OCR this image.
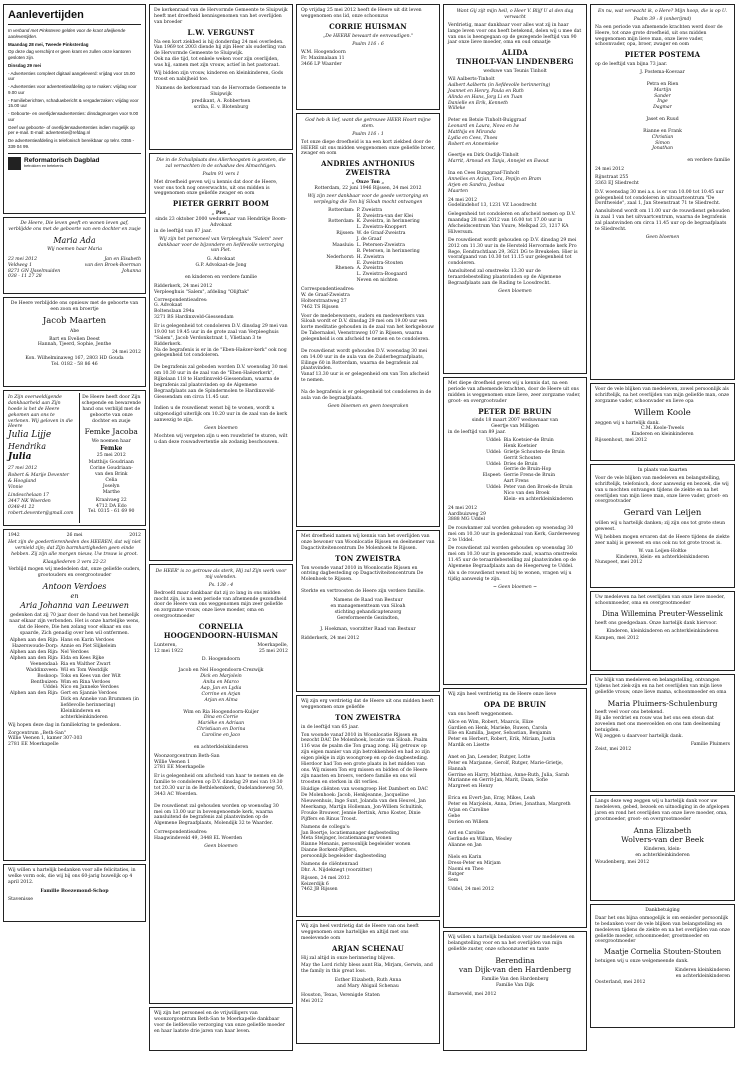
Aanlevertijden

In verband met Pinksteren gelden voor de krant afwijkende aanlevertijden.

Maandag 28 mei, Tweede Pinksterdag

Op deze dag verschijnt er geen krant en zullen onze kantoren gesloten zijn.

Dinsdag 29 mei

- Advertenties compleet digitaal aangeleverd: vrijdag voor 15.00 uur

- Advertenties voor advertentieafdeling op te maken: vrijdag voor 9.00 uur

- Familieberichten, schaduwbericht & vergaderzaken: vrijdag voor 15.00 uur

- Geboorte- en overlijdensadvertenties: dinsdagmorgen voor 9.00 uur

Geef uw geboorte- of overlijdensadvertenties indien mogelijk op per e-mail. E-mail: advertentie@refdag.nl

De advertentieafdeling is telefonisch bereikbaar op telnr. 0355 - 339 04 99.

Reformatorisch Dagblad
betrokken en betekenis
De Heere, Die leven geeft en wonen leven gaf, verblijdde ons met de geboorte van een dochter en zusje
Maria Ada
Wij noemen haar Maria
23 mei 2012
Veldweg 1
8271 GN IJsselmuiden
038 - 11 27 28
Jan en Elsabeth
van den Broek-Boerman
Johanna
De Heere verblijdde ons opnieuw met de geboorte van een zoon en broertje
Jacob Maarten
Abe
Bart en Evelien Deest
Hannah, Tjeerd, Sophie, Jenthe
24 mei 2012
Kon. Wilhelminaweg 167, 2803 HD Gouda
Tel. 0182 - 58 86 46
In Zijn overweldigende dankbaarheid aan Zijn hoede is het de Heere gekomen aan ons te verlenen. Wij geloven in die Heere
Julia Lijje
Hendrika
Julia
27 mei 2012
Robert & Marije Deventer & Hoogland
Vinnie
Lindeschelaan 17
3447 NK Woerden
0348-41 22
robert.deventer@gmail.com
De Heere heeft door Zijn schepende en bewarende hand ons verblijd met de geboorte van onze dochter en zusje
Femke Jacoba
We noemen haar
Femke
25 mei 2012
Matthijs Goudriaan
Corine Goudriaan-
van den Brink
Celia
Joselyn
Marthe
Kraaivaeg 22
4712 DA Edo
Tel. 0315 - 61 69 90
1942	26 mei	2012
Het zijn de goedertierenheden des HEEREN, dat wij niet vernield zijn; dat Zijn barmhartigheden geen einde hebben. Zij zijn alle morgen nieuw, Uw trouw is groot.
Klaagliederen 3 vers 22-23
Verblijd mogen wij mededelen dat, onze geliefde ouders, grootouders en overgrootouder
Antoon Verdoes
en
Aria Johanna van Leeuwen
gedenken dat zij 70 jaar door de hand van het hemelijk naar elkaar zijn verbonden. Het is onze hartelijke wens, dat de Heere, Die hen zolang voor elkaar en ons spaarde, Zich genadig over hen wil ontfermen.
Alphen aan den Rijn: Hans en Karin Verdoes
Hazerswoude-Dorp: Annie en Piet Slijkeleim
Alphen aan den Rijn: Nel Verdoes
Alphen aan den Rijn: Elda en Kees Rijke
Veenendaal: Ria en Walther Zwart
Waddinxveen: Wil en Tom Westdijk
Boskoop: Toks en Kees van der Wilt
Bentbuizen: Wim en Rina Verdoes
Uddel: Nico en Janneke Verdoes
Alphen aan den Rijn: Gert en Sjannie Verdoes

Dick en Anneke van Brummen (in liefdevolle herinnering)

Kleinkinderen en achterkleinkinderen
Wij hopen deze dag in familiekring te gedenken.
Zorgcentrum „Beth-San"
Willie Veenen 1, kamer 307-303
2781 EE Moerkapelle
Wij willen u hartelijk bedanken voor alle felicitaties, in welke vorm ook, die wij bij ons 60-jarig huwelijk op 4 april 2012.
Familie Boezemond-Schop
Stavenisse
De kerkenraad van de Hervormde Gemeente te Sluipwijk heeft met droefheid kennisgenomen van het overlijden van broeder
L.W. VERGUNST
Na een kort ziekbed is hij donderdag 24 mei overleden.
Van 1969 tot 2003 diende hij zijn Heer als ouderling van de Hervormde Gemeente te Sluipwijk.
Ook na die tijd, tot enkele weken voor zijn overlijden, was hij, samen met zijn vrouw, actief in het pastoraat.
Wij bidden zijn vrouw, kinderen en kleinkinderen, Gods troost en nabijheid toe.
Namens de kerkenraad van de Hervormde Gemeente te Sluipwijk
predikant, A. Robbertsen
scriba, E. v. Blotenburg
Die in de Schuilplaats des Allerhoogsten is gezeten, die zal vernachten in de schaduw des Almachtigen.
Psalm 91 vers 1
Met droefheid geven wij u kennis dat door de Heere, voor ons toch nog onverwachts, uit ons midden is weggenomen onze geliefde zwager en oom
PIETER GERRIT BOOM
„ Piet „
sinds 23 oktober 2000 weduwnaar van Hendrikje Boom-Advokaat
in de leeftijd van 87 jaar.
Wij zijn het personeel van Verpleeghuis "Salem" zeer dankbaar voor de bijzondere en liefdevolle verzorging van Piet.
G. Advokaat
G.P. Advokaat-de Jong

en kinderen en verdere familie
Ridderkerk, 24 mei 2012
Verpleeghuis "Salem", afdeling "Olijftak"
Correspondentieadres:
G. Advokaat
Boltenslaan 294a
3271 BS Hardinxveld-Giessendam
Er is gelegenheid tot condoleren D.V. dinsdag 29 mei van 19.00 tot 19.45 uur in de grote zaal van Verpleeghuis "Salem", Jacob Verdonkstraat 1, Vlietlaan 3 te Ridderkerk.
Na de begrafenis is er in de "Eben-Haëzer-kerk" ook nog gelegenheid tot condoleren.

De begrafenis zal geboden worden D.V. woensdag 30 mei om 10.30 uur in de zaal van de "Eben-Haëzerkerk", Rijkelaan 118 te Hardinxveld-Giessendam, waarna de begrafenis zal plaatsvinden op de Algemene Begraafplaats aan de Spindermolen te Hardinxveld-Giessendam om circa 11.45 uur.

Indien u de rouwdienst wenst bij te wonen, wordt u uitgenodigd uiterlijk om 10.20 uur in de zaal van de kerk aanwezig te zijn.
Geen bloemen
Mochten wij vergeten zijn u een rouwbrief te sturen, wilt u dan deze rouwadvertentie als zodanig beschouwen.
De HEER' is zo getrouw als sterk, Hij zal Zijn werk voor mij volenden.
Ps. 138 : 4
Bedroefd maar dankbaar dat zij zo lang in ons midden mocht zijn, is na een periode van afnemende gezondheid door de Heere van ons weggenomen mijn zeer geliefde en zorgzame vrouw, onze lieve moeder, oma en overgrootmoeder
CORNELIA
HOOGENDOORN-HUISMAN
Lunteren,
12 mei 1922
Moerkapelle,
25 mei 2012
D. Hoogendoorn

Jacob en Nel Hoogendoorn-Crezwijk
Dick en Marjolein
Anita en Marco
Aap, Jan en Lydia
Corrine en Arjan
Arjan en Alma

Wim en Ria Hoogendoorn-Kuijer
Dina en Corrie
Mariëke en Adriaan
Christiaan en Dorina
Caroline en Jaco

en achterkleinkinderen
Woonzorgcentrum Beth-San
Willie Veenen 1
2781 EE Moerkapelle
Er is gelegenheid om afscheid van haar te nemen en de familie te condoleren op D.V. dinsdag 29 mei van 19.30 tot 20.30 uur in de Bethlehemkerk, Oudelandseweg 50, 3443 AC Woerden.

De rouwdienst zal gehouden worden op woensdag 30 mei om 13.00 uur in bovengenoemde kerk, waarna aansluitend de begrafenis zal plaatsvinden op de Algemene Begraafplaats, Molendijk 32 te Waarder.
Correspondentieadres:
Haagwindeveld 49, 3448 EL Woerden
Geen bloemen
Wij zijn het personeel en de vrijwilligers van woonzorgcentrum Beth-San te Moerkapelle dankbaar voor de liefdevolle verzorging van onze geliefde moeder en haar laatste drie jaren van haar leven.
Op vrijdag 25 mei 2012 heeft de Heere uit dit leven weggenomen ons lid, onze schoonzus
CORRIE HUISMAN
„De HEERE bewaart de eenvoudigen."
Psalm 116 : 6
W.M. Hoogendoorn
Fr. Maximalaan 11
3466 LP Waarder
God heb ik lief, want die getrouwe HEER Hoort mijne stem.
Psalm 116 : 1
Tot onze diepe droefheid is na een kort ziekbed door de HEERE uit ons midden weggenomen onze geliefde broer, zwager en oom
ANDRIES ANTHONIUS ZWEISTRA
„ Onze Ton „
Rotterdam, 22 juni 1946 Rijssen, 24 mei 2012
Wij zijn zeer dankbaar voor de goede verzorging en verpleging die Ton bij Siloah mocht ontvangen
Rotterdam: P. Zweistra

B. Zweistra-van der Klei
Rotterdam: K. Zweistra, in herinnering

L. Zweistra-Knoppert
Rijssen: W. de Graaf-Zweistra

J. de Graaf
Maasluis: L. Petersen-Zweistra

B. Petersen, in herinnering
Nederhorst: H. Zweistra

E. Zweistra-Stouten
Rhenen: A. Zweistra

L. Zweistra-Boogaard

Neven en nichten
Correspondentieadres:
W. de Graaf-Zweistra
Holterstraatweg 27
7462 TS Rijssen
Voor de medebewoners, ouders en medewerkers van Siloah wordt er D.V. dinsdag 29 mei om 19.00 uur een korte meditatie gehouden in de zaal van het kerkgebouw De Tabernakel, Veenstraweg 107 in Rijssen, waarna gelegenheid is om afscheid te nemen en te condoleren.

De rouwdienst wordt gehouden D.V. woensdag 30 mei om 14.00 uur in de aula van de Zuiderbegraafplaats, Eilinge 60 in Rotterdam, waarna de begrafenis zal plaatsvinden.
Vanaf 13.30 uur is er gelegenheid om van Ton afscheid te nemen.

Na de begrafenis is er gelegenheid tot condoleren in de aula van de begraafplaats.
Geen bloemen en geen toespraken
Met droefheid namen wij kennis van het overlijden van onze bewoner van Woonlocatie Rijssen en deelnemer van Dagactiviteitencentrum De Molenhoek te Rijssen.
TON ZWEISTRA
Ton woonde vanaf 2010 in Woonlocatie Rijssen en ontving dagbesteding op Dagactiviteitencentrum De Molenhoek te Rijssen.

Sterkte en vertroosten de Heere zijn verdere familie.
Namens de Raad van Bestuur
en managementteam van Siloah
stichting gehandicaptenzorg
Gereformeerde Gezindten,

J. Hoekman, voorzitter Raad van Bestuur
Ridderkerk, 24 mei 2012
Wij zijn erg verdrietig dat de Heere uit ons midden heeft weggenomen onze geliefde
TON ZWEISTRA
in de leeftijd van 65 jaar.
Ton woonde vanaf 2010 in Woonlocatie Rijssen en bezocht DAC De Molenhoek, locatie van Siloah. Psalm 116 was de psalm die Ton graag zong. Hij getrouw op zijn eigen manier van zijn betrokkenheid en had zo zijn eigen plekje in zijn woongroep en op de dagbesteding. Hierdoor had Ton een grote plaats in het midden van ons. Wij missen Ton erg missen en bidden of de Heere zijn naasten en broers, verdere familie en ons wil troosten en sterken in dit verlies.
Huidige cliënten van woongroep Het Dambert en DAC De Molenhoek: Jacob, Henkjeanne, Jacqueline Nieuwenhuis, Inge Sunt, Jolanda van den Heuvel, Jan Meerkamp, Martijn Holleman, Jon-Willem Schultink, Frouke Brouwer, Jennie Bertink, Arno Koster, Dinie Pijffers en Rinus Troost.
Namens de collega's:
Jan Boertje, locatiemanager dagbesteding
Meta Steijnger, locatiemanager wonen
Rianne Menanis, persoonlijk begeleider wonen
Dianne Borkent-Pijffers,
persoonlijk begeleider dagbesteding
Namens de cliëntenraad
Dhr. A. Nijdeknegt (voorzitter)
Rijssen, 24 mei 2012
Keizerdijk 6
7462 JB Rijssen
Wij zijn heel verdrietig dat de Heere van ons heeft weggenomen onze hartelijke en altijd met ons meelevende oom
ARJAN SCHENAU
Hij zal altijd in onze herinnering blijven.
May the Lord richly bless aunt Ria, Mirjam, Gerwin, and the family in this great loss.
Esther Elizabeth, Ruth Anna
and Mary Abigail Schenau
Houston, Texas, Verenigde Staten
Mei 2012
Want Gij zijt mijn heil, o Heer V. Blijf U al den dag verwacht
Verdrietig, maar dankbaar voor alles wat zij in haar lange leven voor ons heeft betekend, delen wij u mee dat van ons is heengegaan op de gezegende leeftijd van 90 jaar onze lieve moeder, oma en oud omaatje
ALIDA
TINHOLT-VAN LINDENBERG
weduwe van Teunis Tinholt
Wil Aalberts-Tinholt
Aalbert Aalberts (in liefdevolle herinnering)
Joannet en Henry, Paula en Ruth
Alinda en Hans, Jorg Li en Tuan
Danielle en Erik, Kenneth
Willeke

Peter en Betsie Tinholt-Buiggraaf
Leonard en Laura, Nova en Iw
Matthijs en Miranda
Lydia en Cees, Thoes
Robert en Annemieke

Geertje en Dirk Oudijk-Tinholt
Marrit, Arnoud en Tanja, Annejet en Ewout

Ina en Cees Bunggraaf-Tinholt
Annelies en Arjan, Tora, Pepijn en Bram
Arjen en Sandra, Joshua
Maarten
24 mei 2012
Godelindehof 13, 1231 VZ Loosdrecht
Gelegenheid tot condoleren en afscheid nemen op D.V. maandag 28 mei 2012 van 16.00 tot 17.00 uur in Afscheidscentrum Van Vuure, Melkpad 23, 1217 KA Hilversum.
De rouwdienst wordt gehouden op D.V. dinsdag 29 mei 2012 om 11.30 uur in de Hersteld Hervormde kerk Pro Rege, Eendrachtlaan 29, 3621 DG te Breukelen. Hier is voorafgaand van 10.30 tot 11.15 uur gelegenheid tot condoleren.
Aansluitend zal omstreeks 13.30 uur de teraardebestelling plaatsvinden op de Algemene Begraafplaats aan de Rading te Loosdrecht.
Geen bloemen
Met diepe droefheid geven wij u kennis dat, na een periode van afnemende krachten, door de Heere uit ons midden is weggenomen onze lieve, zeer zorgzame vader, groot- en overgrootvader
PETER DE BRUIN
sinds 18 maart 2007 weduwnaar van
Geertje van Milligen
in de leeftijd van 89 jaar.
Uddel: Bia Koetsier-de Bruin

Henk Koetsier
Uddel: Grietje Schouten-de Bruin

Gerrit Schouten
Uddel: Dries de Bruin

Gerrie de Bruin-Hop
Elspeet: Gerrie Frens-de Bruin

Aart Frens
Uddel: Peter van den Broek-de Bruin

Nico van den Broek

Klein- en achterkleinkinderen
24 mei 2012
Aardbuizweg 29
3888 MG Uddel
De rouwkamer zal worden gehouden op woensdag 30 mei om 10.30 uur in gedenkzaal van Kerk, Gardereeweg 2 te Uddel.
De rouwdienst zal worden gehouden op woensdag 30 mei om 10.30 uur in genoemde zaal, waarna omstreeks 11.45 uur de teraardebestelling zal plaatsvinden op de Algemene Begraafplaats aan de Heegerweg te Uddel.
Als u de rouwdienst wenst bij te wonen, vragen wij u tijdig aanwezig te zijn.
~ Geen bloemen ~
Wij zijn heel verdrietig nu de Heere onze lieve
OPA DE BRUIN
van ons heeft weggenomen.
Alice en Wim, Robert, Maarcis, Elize
Gardien en Henk, Marieke, Ruwen, Carola
Elie en Kamilla, Jasper, Sebastian, Benjamin
Peter en Herbert, Robert, Erik, Miriam, Justin
Mardik en Lisette

Anet en Jan, Leender, Rutger, Lotte
Peter en Marjanne, Gerolf, Rutger, Marie-Grietje, Hannah
Gerrine en Harry, Matthias, Anne-Ruth, Julia, Sarah
Marianne en Gerrit-Jan, Marit, Daan, Sofie
Margreet en Henry

Erica en Evert-Jan, Eray, Mikes, Leah
Peter en Marjolein, Anna, Dries, Jonathan, Margreth
Arjan en Caroline
Gebe
Dorien en Willem

Ard en Caroline
Gerlinde en Willam, Wesley
Alianne en Jan

Niels en Karin
Dress-Peter en Mirjam
Naomi en Theo
Rutger
Sem
Uddel, 24 mei 2012
Wij willen u hartelijk bedanken voor uw medeleven en belangstelling voor en na het overlijden van mijn geliefde zuster, onze schoonzuster en tante
Berendina
van Dijk-van den Hardenberg
Familie Van den Hardenberg
Familie Van Dijk
Barneveld, mei 2012
En nu, wat verwacht ik, o Here? Mijn hoop, die is op U.
Psalm 39 : 8 (onberijmd)
Na een periode van afnemende krachten werd door de Heere, tot onze grote droefheid, uit ons midden weggenomen mijn lieve man, onze lieve vader, schoonvader, opa, broer, zwager en oom
PIETER POSTEMA
op de leeftijd van bijna 73 jaar.
J. Postema-Koevaar

Petra en Rien
Martijn
Sander
Inge
Dagmar

Jaset en Ruud

Rianne en Frank
Christian
Simon
Jonathan

en verdere familie
24 mei 2012
Rijnstraat 255
3363 EJ Sliedrecht
D.V. woensdag 30 mei a.s. is er van 10.00 tot 10.45 uur gelegenheid tot condoleren in uitvaartcentrum "De Dordtweide", zaal 1, Jan Steenstraat 71 te Sliedrecht.
Aansluitend wordt om 11.00 uur de rouwdienst gehouden in zaal 1 van het uitvaartcentrum, waarna de begrafenis zal plaatsvinden om circa 11.45 uur op de begraafplaats te Sliedrecht.
Geen bloemen
Voor de vele blijken van medeleven, zowel persoonlijk als schriftelijk, na het overlijden van mijn geliefde man, onze zorgzame vader, schoonvader en lieve opa
Willem Koole
zeggen wij u hartelijk dank.
C.M. Koole-Tweels
Kinderen en kleinkinderen
Rijssenhout, mei 2012
In plaats van kaarten
Voor de vele blijken van medeleven en belangstelling, schriftelijk, telefonisch, door aanwezig en bezoek, die wij van u mochten ontvangen tijdens de ziekte en na het overlijden van mijn lieve man, onze lieve vader, groot- en overgrootvader
Gerard van Leijen
willen wij u hartelijk danken; zij zijn ons tot grote steun geweest.
Wij hebben mogen ervaren dat de Heere tijdens de ziekte zeer nabij is geweest en ons ook nu tot grote troost is.
W. van Leijen-Holtke
Kinderen, klein- en achterkleinkinderen
Nunspeet, mei 2012
Uw medeleven na het overlijden van onze lieve moeder, schoonmoeder, oma en overgrootmoeder
Dina Willemina Preuter-Wesselink
heeft ons goedgedaan. Onze hartelijk dank hiervoor.
Kinderen, kleinkinderen en achterkleinkinderen
Kampen, mei 2012
Uw blijk van medeleven en belangstelling, ontvangen tijdens het ziek-zijn en na het overlijden van mijn lieve geliefde vrouw, onze lieve mama, schoonmoeder en oma
Maria Pluimers-Schulenburg
heeft veel voor ons betekend.
Bij alle verdriet en rouw was het ons een steun dat zoveelen met ons meevoelden en ons tam deelneming betuigden.
Wij zeggen u daarvoor hartelijk dank.
Familie Pluimers
Zeist, mei 2012
Langs deze weg zeggen wij u hartelijk dank voor uw medeleven, gebed, bezoek en uitnodiging in de afgelopen jaren en rond het overlijden van onze lieve moeder, oma, grootmoeder, groot- en overgrootmoeder
Anna Elizabeth
Wolvers-van der Beek
Kinderen, klein-
en achterkleinkinderen
Woudenberg, mei 2012
Dankbetuiging
Daar het ons bijna onmogelijk is om eenieder persoonlijk te bedanken voor de vele blijken van belangstelling en medeleven tijdens de ziekte en na het overlijden van onze geliefde moeder, schoonmoeder, grootmoeder en overgrootmoeder
Maatje Cornelia Stouten-Stouten
betuigen wij u onze welgemeende dank.
Kinderen kleinkinderen
en achterkleinkinderen
Oosterland, mei 2012
